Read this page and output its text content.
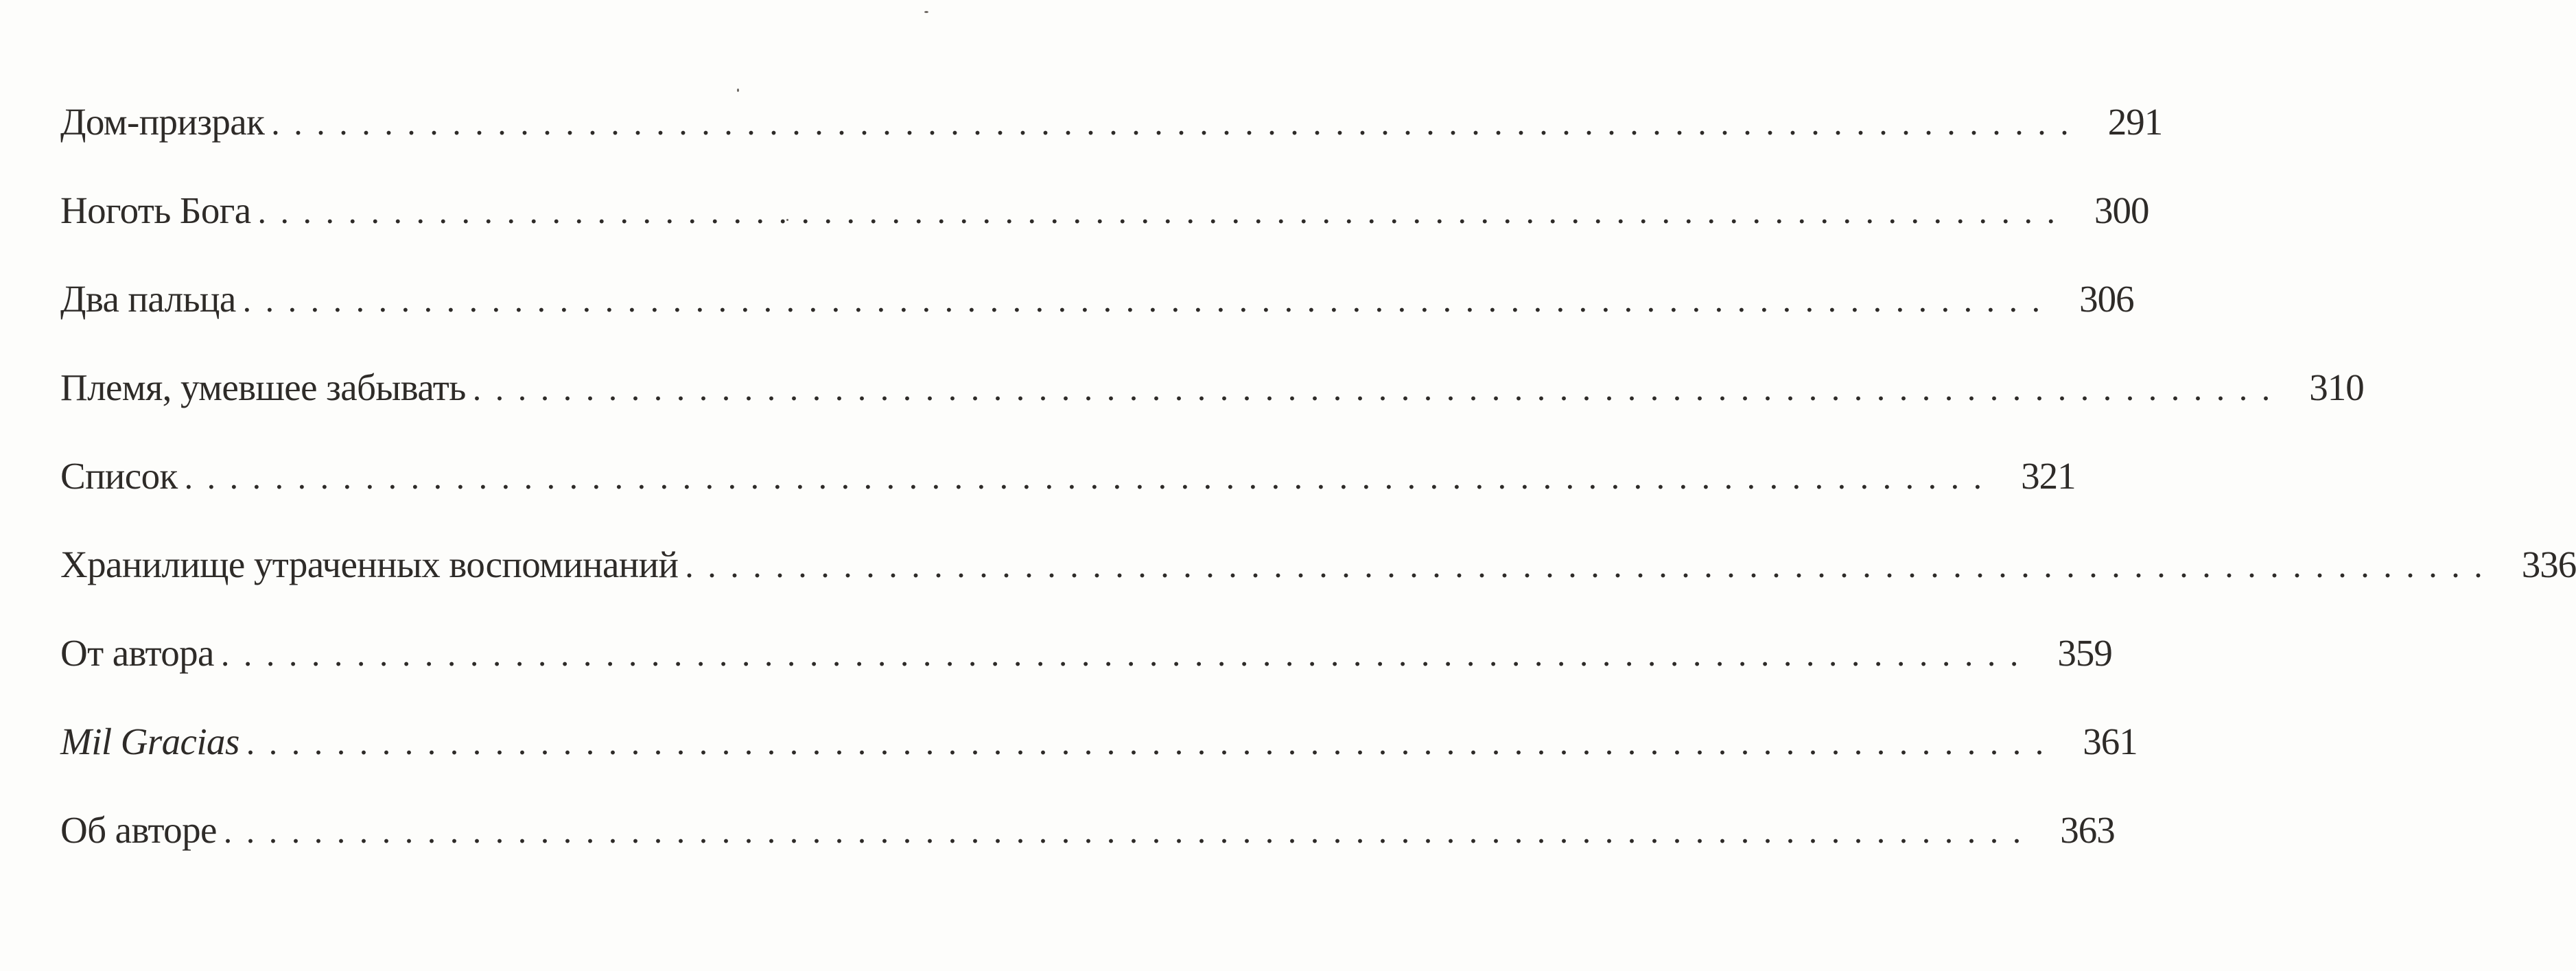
Дом-призрак ................................................................................ 291
Ноготь Бога ................................................................................ 300
Два пальца ................................................................................ 306
Племя, умевшее забывать ................................................................................ 310
Список ................................................................................ 321
Хранилище утраченных воспоминаний ................................................................................ 336
От автора ................................................................................ 359
Mil Gracias ................................................................................ 361
Об авторе ................................................................................ 363
